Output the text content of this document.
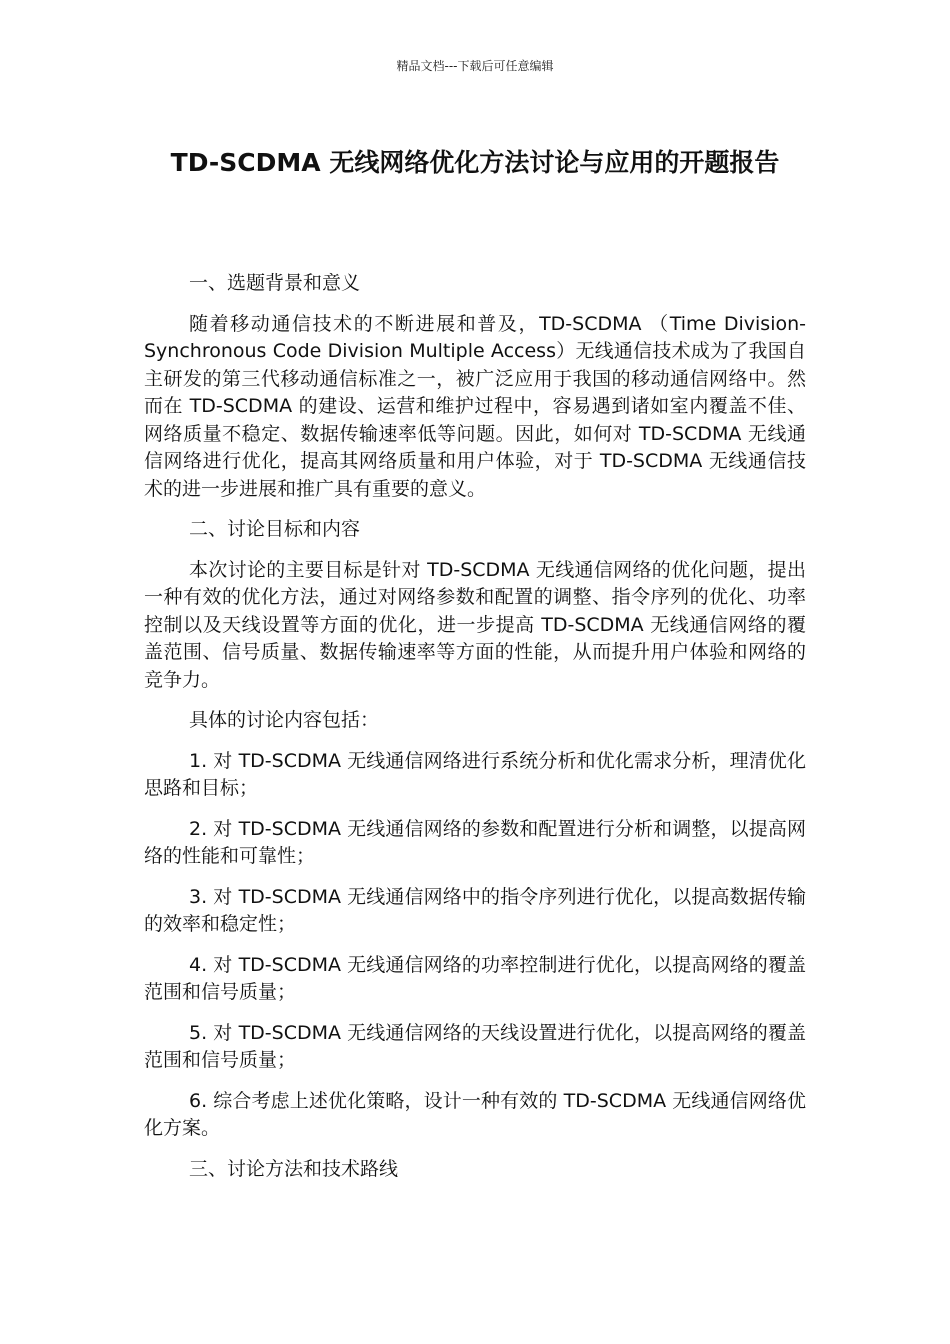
精品文档---下载后可任意编辑
TD-SCDMA 无线网络优化方法讨论与应用的开题报告

一、选题背景和意义

随着移动通信技术的不断进展和普及，TD-SCDMA （Time Division-Synchronous Code Division Multiple Access）无线通信技术成为了我国自主研发的第三代移动通信标准之一，被广泛应用于我国的移动通信网络中。然而在 TD-SCDMA 的建设、运营和维护过程中，容易遇到诸如室内覆盖不佳、网络质量不稳定、数据传输速率低等问题。因此，如何对 TD-SCDMA 无线通信网络进行优化，提高其网络质量和用户体验，对于 TD-SCDMA 无线通信技术的进一步进展和推广具有重要的意义。

二、讨论目标和内容

本次讨论的主要目标是针对 TD-SCDMA 无线通信网络的优化问题，提出一种有效的优化方法，通过对网络参数和配置的调整、指令序列的优化、功率控制以及天线设置等方面的优化，进一步提高 TD-SCDMA 无线通信网络的覆盖范围、信号质量、数据传输速率等方面的性能，从而提升用户体验和网络的竞争力。

具体的讨论内容包括：

1. 对 TD-SCDMA 无线通信网络进行系统分析和优化需求分析，理清优化思路和目标；

2. 对 TD-SCDMA 无线通信网络的参数和配置进行分析和调整，以提高网络的性能和可靠性；

3. 对 TD-SCDMA 无线通信网络中的指令序列进行优化，以提高数据传输的效率和稳定性；

4. 对 TD-SCDMA 无线通信网络的功率控制进行优化，以提高网络的覆盖范围和信号质量；

5. 对 TD-SCDMA 无线通信网络的天线设置进行优化，以提高网络的覆盖范围和信号质量；

6. 综合考虑上述优化策略，设计一种有效的 TD-SCDMA 无线通信网络优化方案。

三、讨论方法和技术路线
